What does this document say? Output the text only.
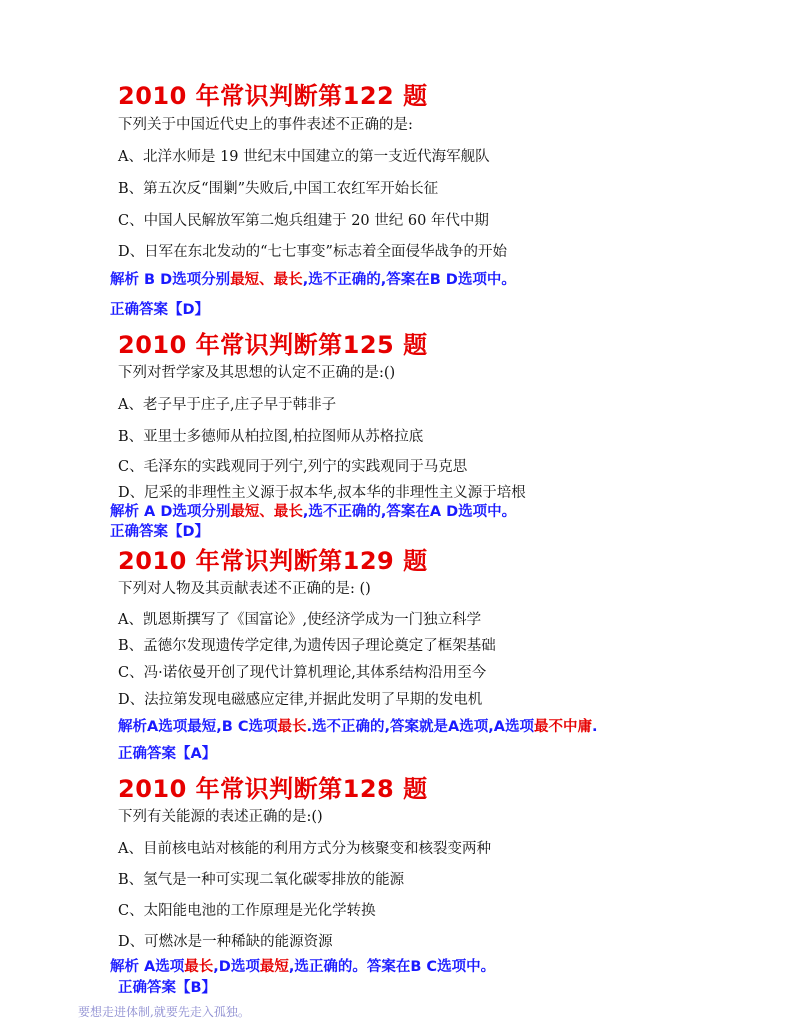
2010 年常识判断第122 题
下列关于中国近代史上的事件表述不正确的是:
A、北洋水师是 19 世纪末中国建立的第一支近代海军舰队
B、第五次反“围剿”失败后,中国工农红军开始长征
C、中国人民解放军第二炮兵组建于 20 世纪 60 年代中期
D、日军在东北发动的“七七事变”标志着全面侵华战争的开始
解析 B D选项分别最短、最长,选不正确的,答案在B D选项中。
正确答案【D】
2010 年常识判断第125 题
下列对哲学家及其思想的认定不正确的是:()
A、老子早于庄子,庄子早于韩非子
B、亚里士多德师从柏拉图,柏拉图师从苏格拉底
C、毛泽东的实践观同于列宁,列宁的实践观同于马克思
D、尼采的非理性主义源于叔本华,叔本华的非理性主义源于培根
解析 A D选项分别最短、最长,选不正确的,答案在A D选项中。
正确答案【D】
2010 年常识判断第129 题
下列对人物及其贡献表述不正确的是: ()
A、凯恩斯撰写了《国富论》,使经济学成为一门独立科学
B、孟德尔发现遗传学定律,为遗传因子理论奠定了框架基础
C、冯·诺依曼开创了现代计算机理论,其体系结构沿用至今
D、法拉第发现电磁感应定律,并据此发明了早期的发电机
解析A选项最短,B C选项最长.选不正确的,答案就是A选项,A选项最不中庸.
正确答案【A】
2010 年常识判断第128 题
下列有关能源的表述正确的是:()
A、目前核电站对核能的利用方式分为核聚变和核裂变两种
B、氢气是一种可实现二氧化碳零排放的能源
C、太阳能电池的工作原理是光化学转换
D、可燃冰是一种稀缺的能源资源
解析 A选项最长,D选项最短,选正确的。答案在B C选项中。
正确答案【B】
要想走进体制,就要先走入孤独。
